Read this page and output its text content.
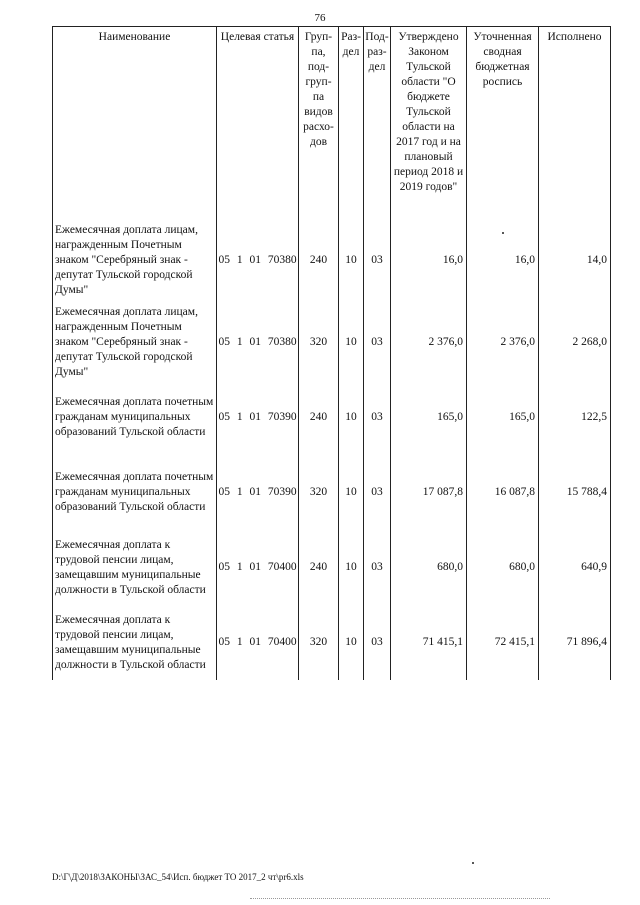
76
Наименование	Целевая статья	Груп-па, под-груп-па видов расхо-дов	Раз-дел	Под-раз-дел	Утверждено Законом Тульской области "О бюджете Тульской области на 2017 год и на плановый период 2018 и 2019 годов"	Уточненная сводная бюджетная роспись	Исполнено
Ежемесячная доплата лицам, награжденным Почетным знаком "Серебряный знак - депутат Тульской городской Думы"	05 1 01 70380	240	10	03	16,0	16,0	14,0
Ежемесячная доплата лицам, награжденным Почетным знаком "Серебряный знак - депутат Тульской городской Думы"	05 1 01 70380	320	10	03	2 376,0	2 376,0	2 268,0
Ежемесячная доплата почетным гражданам муниципальных образований Тульской области	05 1 01 70390	240	10	03	165,0	165,0	122,5
Ежемесячная доплата почетным гражданам муниципальных образований Тульской области	05 1 01 70390	320	10	03	17 087,8	16 087,8	15 788,4
Ежемесячная доплата к трудовой пенсии лицам, замещавшим муниципальные должности в Тульской области	05 1 01 70400	240	10	03	680,0	680,0	640,9
Ежемесячная доплата к трудовой пенсии лицам, замещавшим муниципальные должности в Тульской области	05 1 01 70400	320	10	03	71 415,1	72 415,1	71 896,4
D:\Г\Д\2018\ЗАКОНЫ\ЗАС_54\Исп. бюджет ТО 2017_2 чт\pr6.xls
